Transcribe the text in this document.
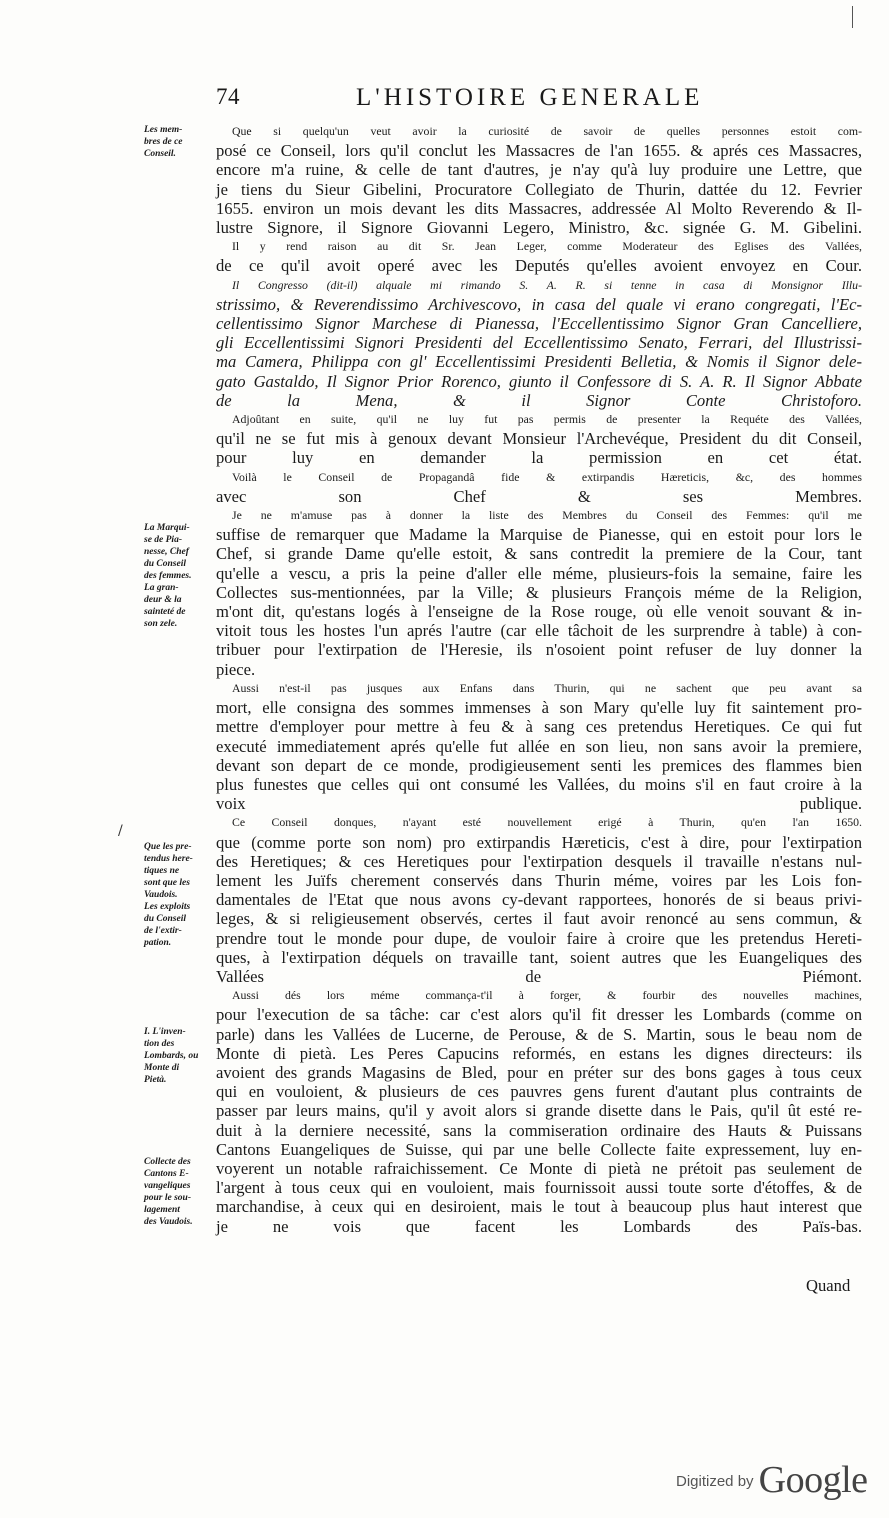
74	L'HISTOIRE GENERALE
Les mem-
bres de ce
Conseil.
La Marqui-
se de Pia-
nesse, Chef
du Conseil
des femmes.
La gran-
deur & la
sainteté de
son zele.
Que les pre-
tendus here-
tiques ne
sont que les
Vaudois.
Les exploits
du Conseil
de l'extir-
pation.
I. L'inven-
tion des
Lombards, ou
Monte di
Pietà.
Collecte des
Cantons E-
vangeliques
pour le sou-
lagement
des Vaudois.
/

Que si quelqu'un veut avoir la curiosité de savoir de quelles personnes estoit com-
posé ce Conseil, lors qu'il conclut les Massacres de l'an 1655. & aprés ces Massacres,
encore m'a ruine, & celle de tant d'autres, je n'ay qu'à luy produire une Lettre, que
je tiens du Sieur Gibelini, Procuratore Collegiato de Thurin, dattée du 12. Fevrier
1655. environ un mois devant les dits Massacres, addressée Al Molto Reverendo & Il-
lustre Signore, il Signore Giovanni Legero, Ministro, &c. signée G. M. Gibelini.

Il y rend raison au dit Sr. Jean Leger, comme Moderateur des Eglises des Vallées,
de ce qu'il avoit operé avec les Deputés qu'elles avoient envoyez en Cour.

Il Congresso (dit-il) alquale mi rimando S. A. R. si tenne in casa di Monsignor Illu-
strissimo, & Reverendissimo Archivescovo, in casa del quale vi erano congregati, l'Ec-
cellentissimo Signor Marchese di Pianessa, l'Eccellentissimo Signor Gran Cancelliere,
gli Eccellentissimi Signori Presidenti del Eccellentissimo Senato, Ferrari, del Illustrissi-
ma Camera, Philippa con gl' Eccellentissimi Presidenti Belletia, & Nomis il Signor dele-
gato Gastaldo, Il Signor Prior Rorenco, giunto il Confessore di S. A. R. Il Signor Abbate
de la Mena, & il Signor Conte Christoforo.

Adjoûtant en suite, qu'il ne luy fut pas permis de presenter la Requéte des Vallées,
qu'il ne se fut mis à genoux devant Monsieur l'Archevéque, President du dit Conseil,
pour luy en demander la permission en cet état.

Voilà le Conseil de Propagandâ fide & extirpandis Hæreticis, &c, des hommes
avec son Chef & ses Membres.

Je ne m'amuse pas à donner la liste des Membres du Conseil des Femmes: qu'il me
suffise de remarquer que Madame la Marquise de Pianesse, qui en estoit pour lors le
Chef, si grande Dame qu'elle estoit, & sans contredit la premiere de la Cour, tant
qu'elle a vescu, a pris la peine d'aller elle méme, plusieurs-fois la semaine, faire les
Collectes sus-mentionnées, par la Ville; & plusieurs François méme de la Religion,
m'ont dit, qu'estans logés à l'enseigne de la Rose rouge, où elle venoit souvant & in-
vitoit tous les hostes l'un aprés l'autre (car elle tâchoit de les surprendre à table) à con-
tribuer pour l'extirpation de l'Heresie, ils n'osoient point refuser de luy donner la
piece.

Aussi n'est-il pas jusques aux Enfans dans Thurin, qui ne sachent que peu avant sa
mort, elle consigna des sommes immenses à son Mary qu'elle luy fit saintement pro-
mettre d'employer pour mettre à feu & à sang ces pretendus Heretiques. Ce qui fut
executé immediatement aprés qu'elle fut allée en son lieu, non sans avoir la premiere,
devant son depart de ce monde, prodigieusement senti les premices des flammes bien
plus funestes que celles qui ont consumé les Vallées, du moins s'il en faut croire à la
voix publique.

Ce Conseil donques, n'ayant esté nouvellement erigé à Thurin, qu'en l'an 1650.
que (comme porte son nom) pro extirpandis Hæreticis, c'est à dire, pour l'extirpation
des Heretiques; & ces Heretiques pour l'extirpation desquels il travaille n'estans nul-
lement les Juïfs cherement conservés dans Thurin méme, voires par les Lois fon-
damentales de l'Etat que nous avons cy-devant rapportees, honorés de si beaus privi-
leges, & si religieusement observés, certes il faut avoir renoncé au sens commun, &
prendre tout le monde pour dupe, de vouloir faire à croire que les pretendus Hereti-
ques, à l'extirpation déquels on travaille tant, soient autres que les Euangeliques des
Vallées de Piémont.

Aussi dés lors méme commança-t'il à forger, & fourbir des nouvelles machines,
pour l'execution de sa tâche: car c'est alors qu'il fit dresser les Lombards (comme on
parle) dans les Vallées de Lucerne, de Perouse, & de S. Martin, sous le beau nom de
Monte di pietà. Les Peres Capucins reformés, en estans les dignes directeurs: ils
avoient des grands Magasins de Bled, pour en préter sur des bons gages à tous ceux
qui en vouloient, & plusieurs de ces pauvres gens furent d'autant plus contraints de
passer par leurs mains, qu'il y avoit alors si grande disette dans le Pais, qu'il ût esté re-
duit à la derniere necessité, sans la commiseration ordinaire des Hauts & Puissans
Cantons Euangeliques de Suisse, qui par une belle Collecte faite expressement, luy en-
voyerent un notable rafraichissement. Ce Monte di pietà ne prétoit pas seulement de
l'argent à tous ceux qui en vouloient, mais fournissoit aussi toute sorte d'étoffes, & de
marchandise, à ceux qui en desiroient, mais le tout à beaucoup plus haut interest que
je ne vois que facent les Lombards des Païs-bas.

Quand
Digitized by Google
